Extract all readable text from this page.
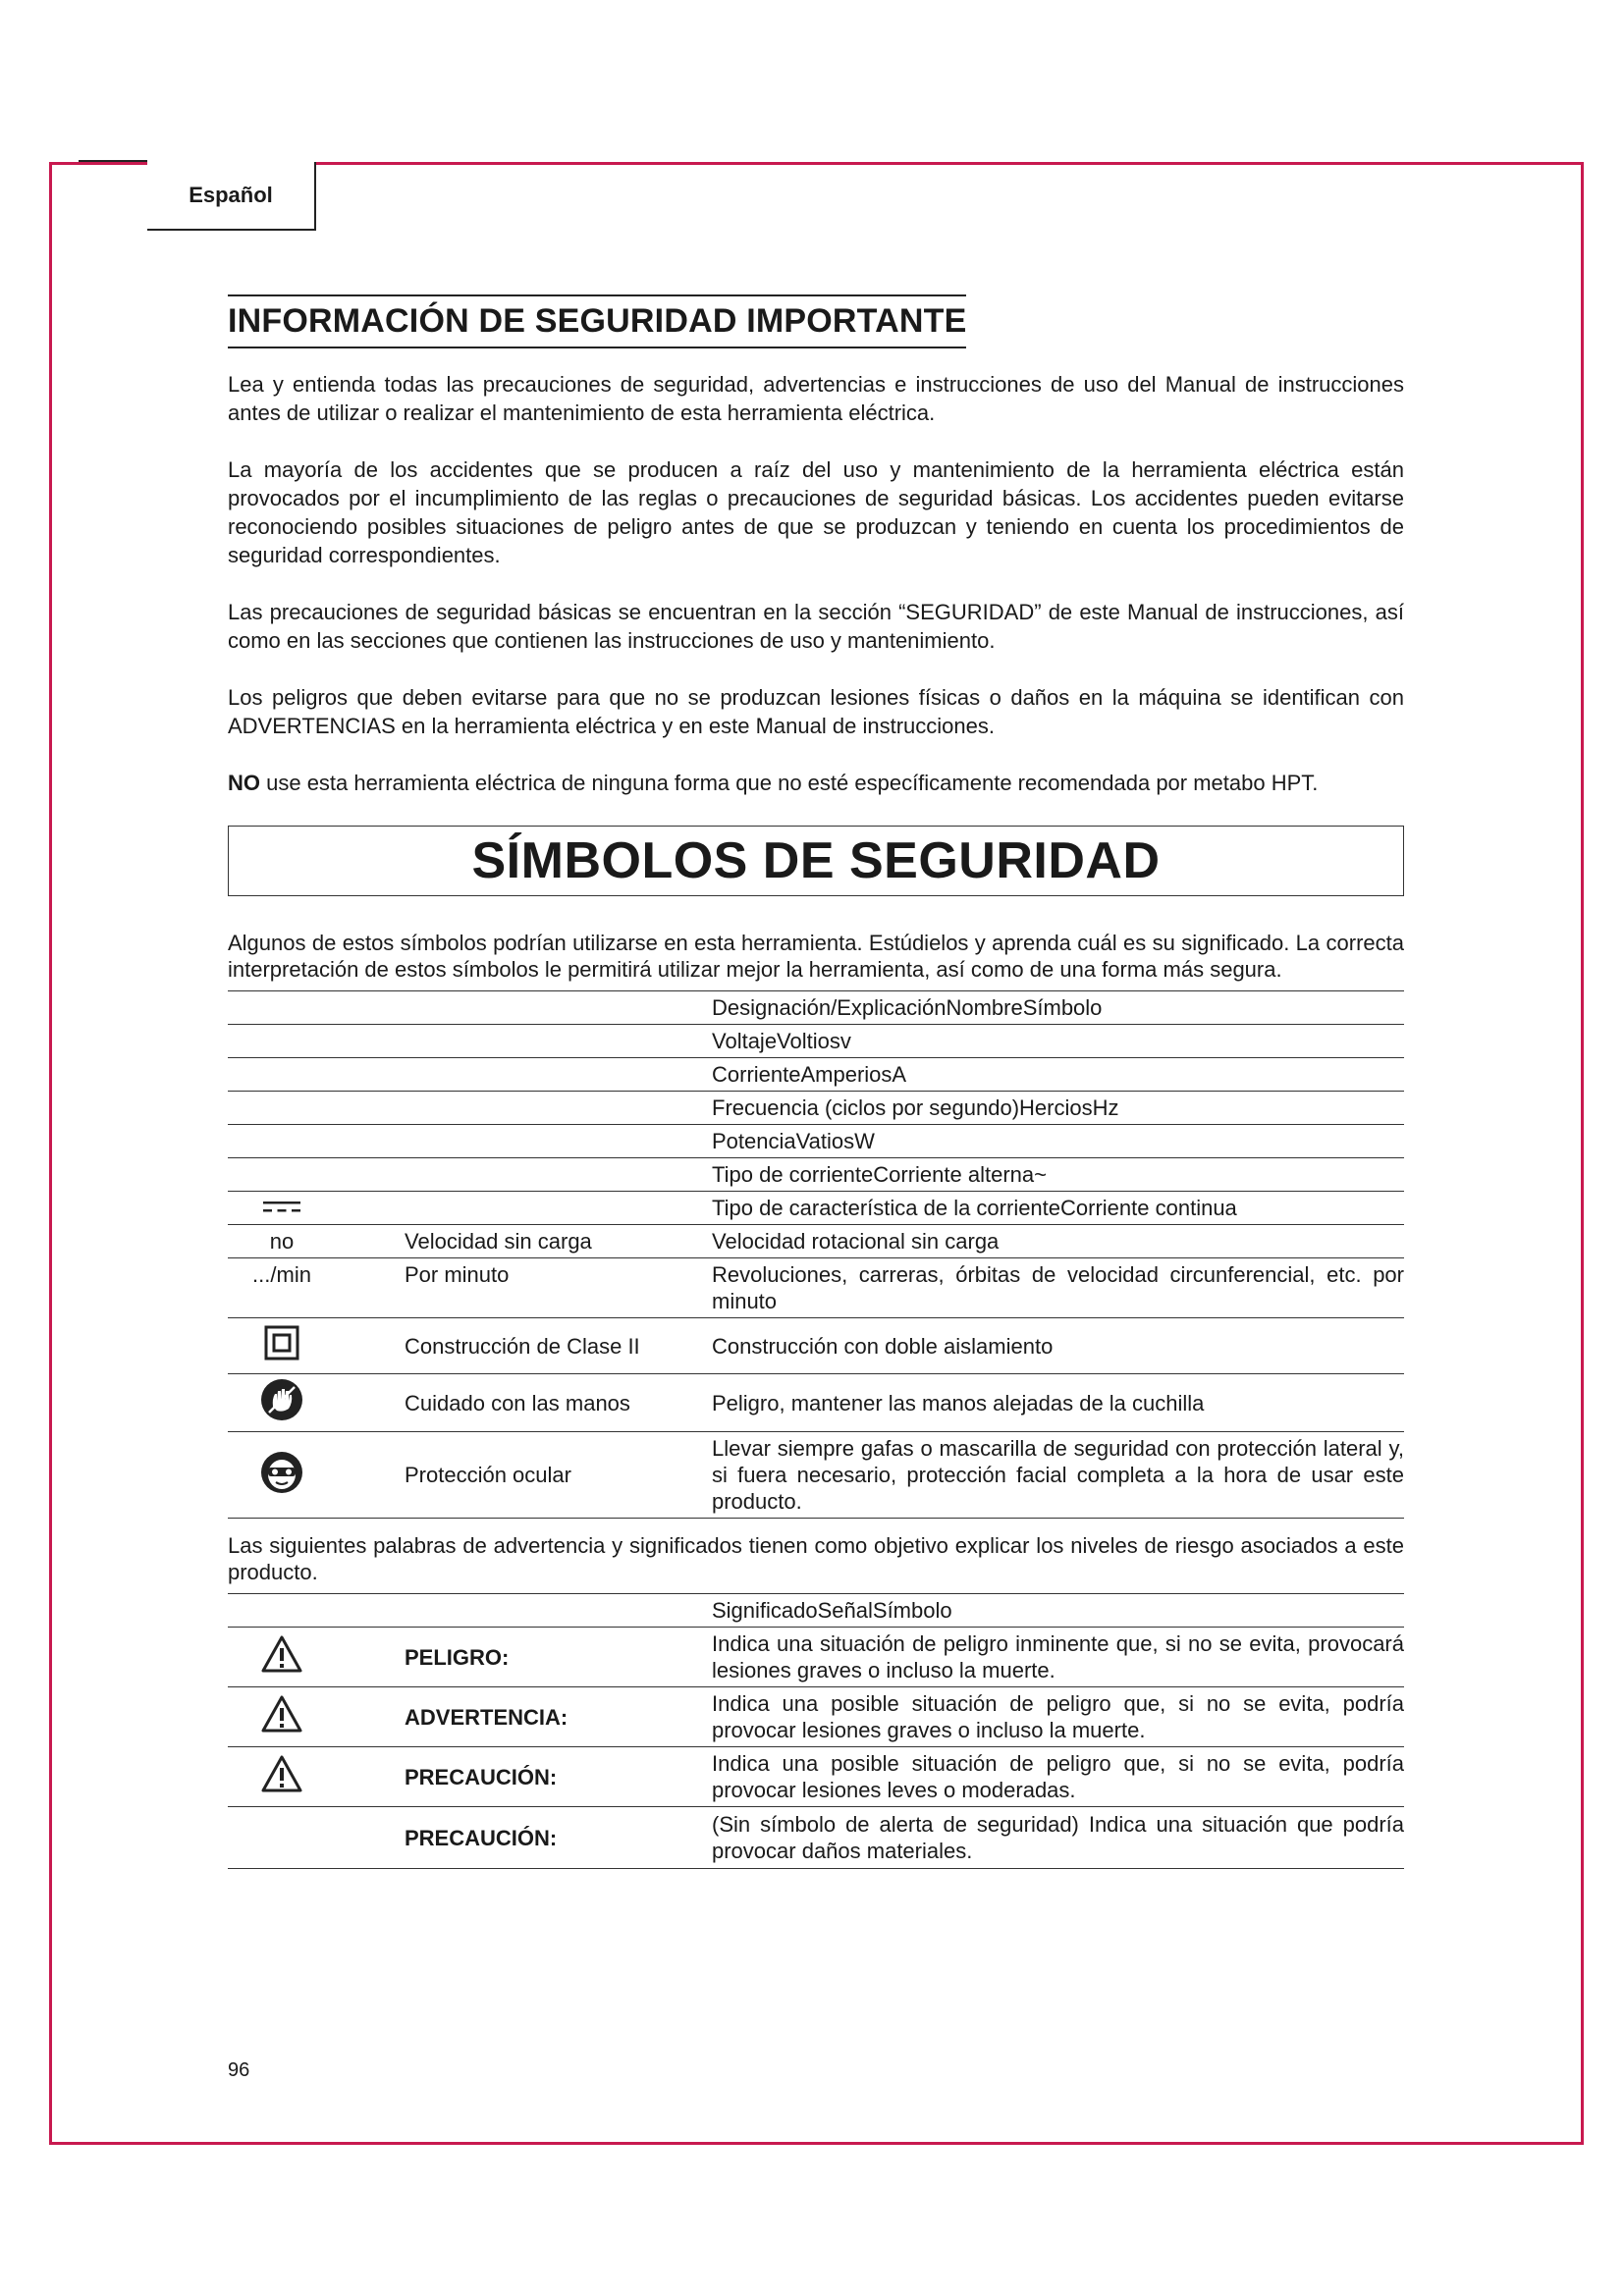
Español
INFORMACIÓN DE SEGURIDAD IMPORTANTE

Lea y entienda todas las precauciones de seguridad, advertencias e instrucciones de uso del Manual de instrucciones antes de utilizar o realizar el mantenimiento de esta herramienta eléctrica.

La mayoría de los accidentes que se producen a raíz del uso y mantenimiento de la herramienta eléctrica están provocados por el incumplimiento de las reglas o precauciones de seguridad básicas. Los accidentes pueden evitarse reconociendo posibles situaciones de peligro antes de que se produzcan y teniendo en cuenta los procedimientos de seguridad correspondientes.

Las precauciones de seguridad básicas se encuentran en la sección “SEGURIDAD” de este Manual de instrucciones, así como en las secciones que contienen las instrucciones de uso y mantenimiento.

Los peligros que deben evitarse para que no se produzcan lesiones físicas o daños en la máquina se identifican con ADVERTENCIAS en la herramienta eléctrica y en este Manual de instrucciones.

NO use esta herramienta eléctrica de ninguna forma que no esté específicamente recomendada por metabo HPT.

SÍMBOLOS DE SEGURIDAD

Algunos de estos símbolos podrían utilizarse en esta herramienta. Estúdielos y aprenda cuál es su significado. La correcta interpretación de estos símbolos le permitirá utilizar mejor la herramienta, así como de una forma más segura.

		Designación/ExplicaciónNombreSímbolo
		VoltajeVoltiosv
		CorrienteAmperiosA
		Frecuencia (ciclos por segundo)HerciosHz
		PotenciaVatiosW
		Tipo de corrienteCorriente alterna~
		Tipo de característica de la corrienteCorriente continua
no	Velocidad sin carga	Velocidad rotacional sin carga
.../min	Por minuto	Revoluciones, carreras, órbitas de velocidad circunferencial, etc. por minuto
	Construcción de Clase II	Construcción con doble aislamiento
	Cuidado con las manos	Peligro, mantener las manos alejadas de la cuchilla
	Protección ocular	Llevar siempre gafas o mascarilla de seguridad con protección lateral y, si fuera necesario, protección facial completa a la hora de usar este producto.

Las siguientes palabras de advertencia y significados tienen como objetivo explicar los niveles de riesgo asociados a este producto.

		SignificadoSeñalSímbolo
	PELIGRO:	Indica una situación de peligro inminente que, si no se evita, provocará lesiones graves o incluso la muerte.
	ADVERTENCIA:	Indica una posible situación de peligro que, si no se evita, podría provocar lesiones graves o incluso la muerte.
	PRECAUCIÓN:	Indica una posible situación de peligro que, si no se evita, podría provocar lesiones leves o moderadas.
	PRECAUCIÓN:	(Sin símbolo de alerta de seguridad) Indica una situación que podría provocar daños materiales.
96
